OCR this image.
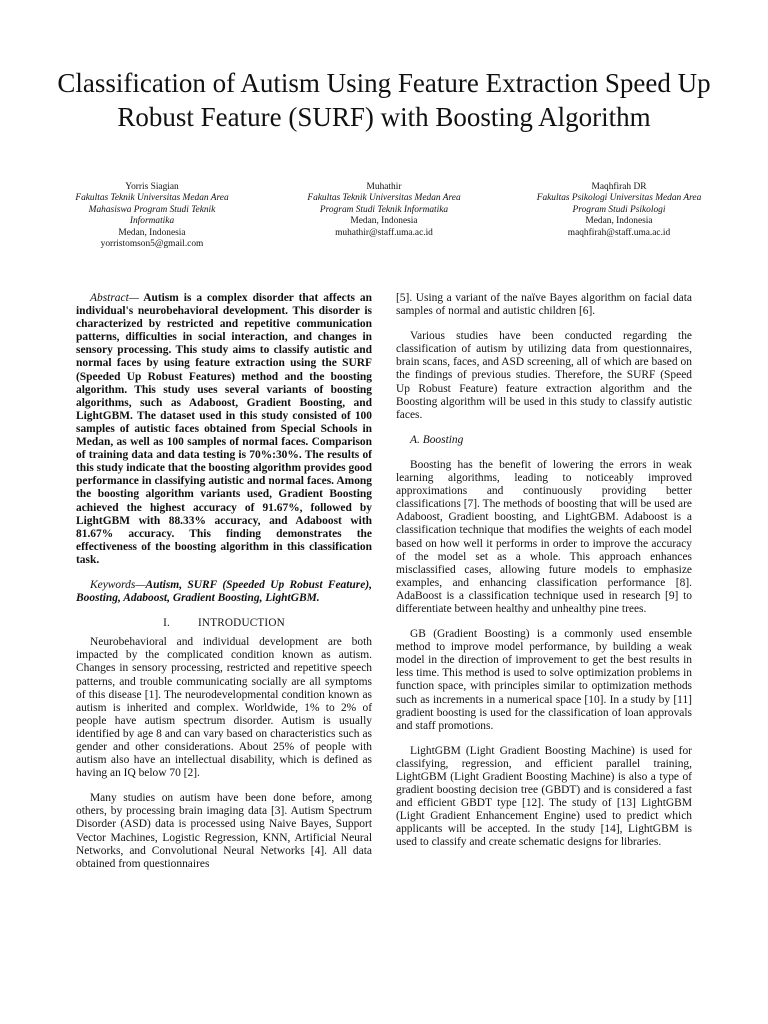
Classification of Autism Using Feature Extraction Speed Up Robust Feature (SURF) with Boosting Algorithm
Yorris Siagian
Fakultas Teknik Universitas Medan Area
Mahasiswa Program Studi Teknik
Informatika
Medan, Indonesia
yorristomson5@gmail.com
Muhathir
Fakultas Teknik Universitas Medan Area
Program Studi Teknik Informatika
Medan, Indonesia
muhathir@staff.uma.ac.id
Maqhfirah DR
Fakultas Psikologi Universitas Medan Area
Program Studi Psikologi
Medan, Indonesia
maqhfirah@staff.uma.ac.id

Abstract— Autism is a complex disorder that affects an individual's neurobehavioral development. This disorder is characterized by restricted and repetitive communication patterns, difficulties in social interaction, and changes in sensory processing. This study aims to classify autistic and normal faces by using feature extraction using the SURF (Speeded Up Robust Features) method and the boosting algorithm. This study uses several variants of boosting algorithms, such as Adaboost, Gradient Boosting, and LightGBM. The dataset used in this study consisted of 100 samples of autistic faces obtained from Special Schools in Medan, as well as 100 samples of normal faces. Comparison of training data and data testing is 70%:30%. The results of this study indicate that the boosting algorithm provides good performance in classifying autistic and normal faces. Among the boosting algorithm variants used, Gradient Boosting achieved the highest accuracy of 91.67%, followed by LightGBM with 88.33% accuracy, and Adaboost with 81.67% accuracy. This finding demonstrates the effectiveness of the boosting algorithm in this classification task.

Keywords—Autism, SURF (Speeded Up Robust Feature), Boosting, Adaboost, Gradient Boosting, LightGBM.

I.	INTRODUCTION

Neurobehavioral and individual development are both impacted by the complicated condition known as autism. Changes in sensory processing, restricted and repetitive speech patterns, and trouble communicating socially are all symptoms of this disease [1]. The neurodevelopmental condition known as autism is inherited and complex. Worldwide, 1% to 2% of people have autism spectrum disorder. Autism is usually identified by age 8 and can vary based on characteristics such as gender and other considerations. About 25% of people with autism also have an intellectual disability, which is defined as having an IQ below 70 [2].

Many studies on autism have been done before, among others, by processing brain imaging data [3]. Autism Spectrum Disorder (ASD) data is processed using Naive Bayes, Support Vector Machines, Logistic Regression, KNN, Artificial Neural Networks, and Convolutional Neural Networks [4]. All data obtained from questionnaires

[5]. Using a variant of the naïve Bayes algorithm on facial data samples of normal and autistic children [6].

Various studies have been conducted regarding the classification of autism by utilizing data from questionnaires, brain scans, faces, and ASD screening, all of which are based on the findings of previous studies. Therefore, the SURF (Speed Up Robust Feature) feature extraction algorithm and the Boosting algorithm will be used in this study to classify autistic faces.

A. Boosting

Boosting has the benefit of lowering the errors in weak learning algorithms, leading to noticeably improved approximations and continuously providing better classifications [7]. The methods of boosting that will be used are Adaboost, Gradient boosting, and LightGBM. Adaboost is a classification technique that modifies the weights of each model based on how well it performs in order to improve the accuracy of the model set as a whole. This approach enhances misclassified cases, allowing future models to emphasize examples, and enhancing classification performance [8]. AdaBoost is a classification technique used in research [9] to differentiate between healthy and unhealthy pine trees.

GB (Gradient Boosting) is a commonly used ensemble method to improve model performance, by building a weak model in the direction of improvement to get the best results in less time. This method is used to solve optimization problems in function space, with principles similar to optimization methods such as increments in a numerical space [10]. In a study by [11] gradient boosting is used for the classification of loan approvals and staff promotions.

LightGBM (Light Gradient Boosting Machine) is used for classifying, regression, and efficient parallel training, LightGBM (Light Gradient Boosting Machine) is also a type of gradient boosting decision tree (GBDT) and is considered a fast and efficient GBDT type [12]. The study of [13] LightGBM (Light Gradient Enhancement Engine) used to predict which applicants will be accepted. In the study [14], LightGBM is used to classify and create schematic designs for libraries.
